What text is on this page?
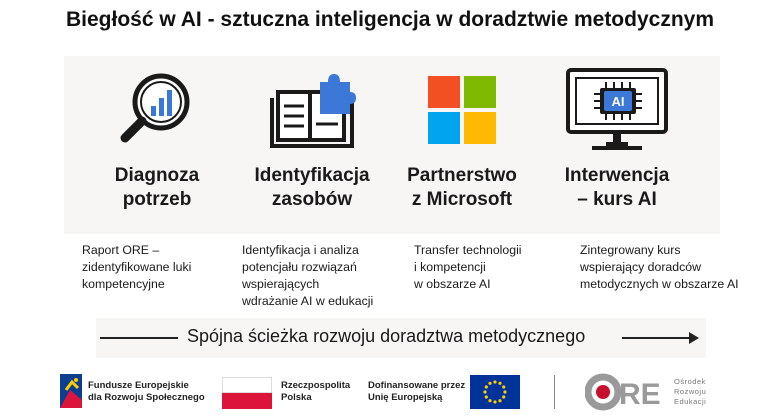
Biegłość w AI - sztuczna inteligencja w doradztwie metodycznym
Diagnoza
potrzeb
Identyfikacja
zasobów
Partnerstwo
z Microsoft
AI
Interwencja
– kurs AI
Raport ORE –
zidentyfikowane luki
kompetencyjne
Identyfikacja i analiza
potencjału rozwiązań
wspierających
wdrażanie AI w edukacji
Transfer technologii
i kompetencji
w obszarze AI
Zintegrowany kurs
wspierający doradców
metodycznych w obszarze AI
Spójna ścieżka rozwoju doradztwa metodycznego
Fundusze Europejskie
dla Rozwoju Społecznego
Rzeczpospolita
Polska
Dofinansowane przez
Unię Europejską	RE Ośrodek
Rozwoju
Edukacji
